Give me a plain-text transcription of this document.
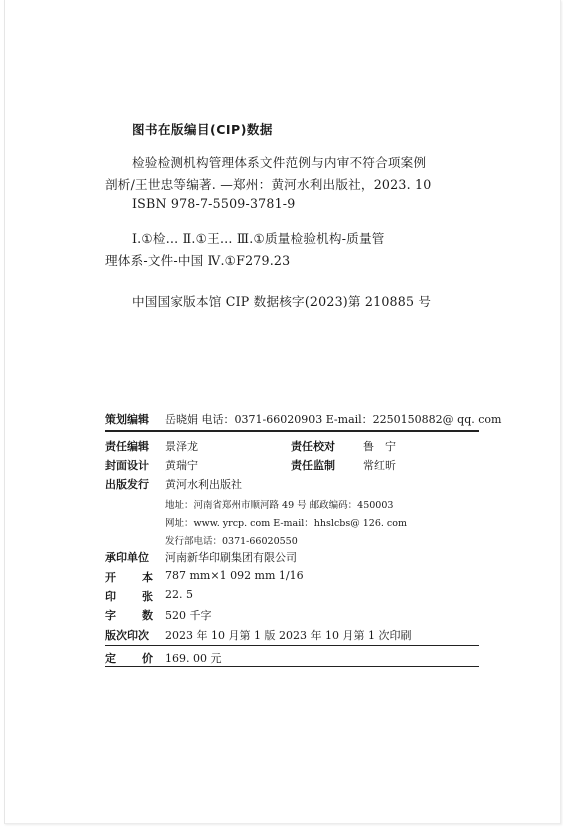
图书在版编目(CIP)数据
检验检测机构管理体系文件范例与内审不符合项案例
剖析/王世忠等编著. —郑州：黄河水利出版社，2023. 10
ISBN 978-7-5509-3781-9
Ⅰ.①检… Ⅱ.①王… Ⅲ.①质量检验机构-质量管
理体系-文件-中国 Ⅳ.①F279.23
中国国家版本馆 CIP 数据核字(2023)第 210885 号
策划编辑	岳晓娟 电话：0371-66020903 E-mail：2250150882@ qq. com
责任编辑	景泽龙	责任校对	鲁　宁
封面设计	黄瑞宁	责任监制	常红昕
出版发行	黄河水利出版社
地址：河南省郑州市顺河路 49 号 邮政编码：450003
网址：www. yrcp. com E-mail：hhslcbs@ 126. com
发行部电话：0371-66020550
承印单位	河南新华印刷集团有限公司
开 本 787 mm×1 092 mm 1/16
印 张 22. 5
字 数 520 千字
版次印次	2023 年 10 月第 1 版 2023 年 10 月第 1 次印刷
定 价 169. 00 元
